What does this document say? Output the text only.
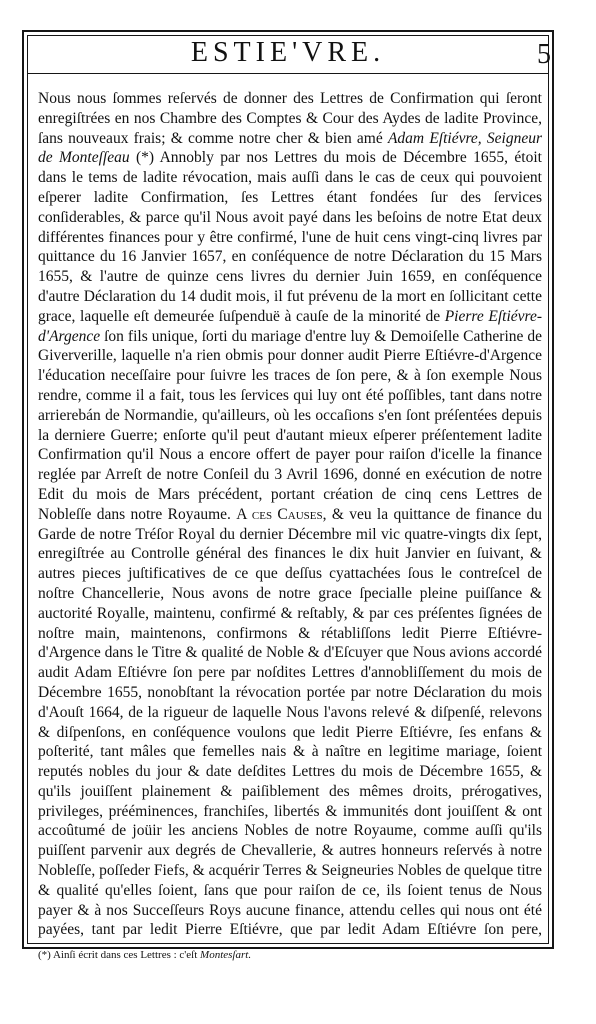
ESTIE'VRE.	5

Nous nous ſommes reſervés de donner des Lettres de Confirmation qui ſeront enregiſtrées en nos Chambre des Comptes & Cour des Aydes de ladite Province, ſans nouveaux frais; & comme notre cher & bien amé Adam Eſtiévre, Seigneur de Monteſſeau (*) Annobly par nos Lettres du mois de Décembre 1655, étoit dans le tems de ladite révocation, mais auſſi dans le cas de ceux qui pouvoient eſperer ladite Confirmation, ſes Lettres étant fondées ſur des ſervices conſiderables, & parce qu'il Nous avoit payé dans les beſoins de notre Etat deux différentes finances pour y être confirmé, l'une de huit cens vingt-cinq livres par quittance du 16 Janvier 1657, en conſéquence de notre Déclaration du 15 Mars 1655, & l'autre de quinze cens livres du dernier Juin 1659, en conſéquence d'autre Déclaration du 14 dudit mois, il fut prévenu de la mort en ſollicitant cette grace, laquelle eſt demeurée ſuſpenduë à cauſe de la minorité de Pierre Eſtiévre-d'Argence ſon fils unique, ſorti du mariage d'entre luy & Demoiſelle Catherine de Giververille, laquelle n'a rien obmis pour donner audit Pierre Eſtiévre-d'Argence l'éducation neceſſaire pour ſuivre les traces de ſon pere, & à ſon exemple Nous rendre, comme il a fait, tous les ſervices qui luy ont été poſſibles, tant dans notre arrierebán de Normandie, qu'ailleurs, où les occaſions s'en ſont préſentées depuis la derniere Guerre; enſorte qu'il peut d'autant mieux eſperer préſentement ladite Confirmation qu'il Nous a encore offert de payer pour raiſon d'icelle la finance reglée par Arreſt de notre Conſeil du 3 Avril 1696, donné en exécution de notre Edit du mois de Mars précédent, portant création de cinq cens Lettres de Nobleſſe dans notre Royaume. A ces Causes, & veu la quittance de finance du Garde de notre Tréſor Royal du dernier Décembre mil vic quatre-vingts dix ſept, enregiſtrée au Controlle général des finances le dix huit Janvier en ſuivant, & autres pieces juſtificatives de ce que deſſus cyattachées ſous le contreſcel de noſtre Chancellerie, Nous avons de notre grace ſpecialle pleine puiſſance & auctorité Royalle, maintenu, confirmé & reſtably, & par ces préſentes ſignées de noſtre main, maintenons, confirmons & rétabliſſons ledit Pierre Eſtiévre-d'Argence dans le Titre & qualité de Noble & d'Eſcuyer que Nous avions accordé audit Adam Eſtiévre ſon pere par noſdites Lettres d'annobliſſement du mois de Décembre 1655, nonobſtant la révocation portée par notre Déclaration du mois d'Aouſt 1664, de la rigueur de laquelle Nous l'avons relevé & diſpenſé, relevons & diſpenſons, en conſéquence voulons que ledit Pierre Eſtiévre, ſes enfans & poſterité, tant mâles que femelles nais & à naître en legitime mariage, ſoient reputés nobles du jour & date deſdites Lettres du mois de Décembre 1655, & qu'ils jouiſſent plainement & paiſiblement des mêmes droits, prérogatives, privileges, prééminences, franchiſes, libertés & immunités dont jouiſſent & ont accoûtumé de joüir les anciens Nobles de notre Royaume, comme auſſi qu'ils puiſſent parvenir aux degrés de Chevallerie, & autres honneurs reſervés à notre Nobleſſe, poſſeder Fiefs, & acquérir Terres & Seigneuries Nobles de quelque titre & qualité qu'elles ſoient, ſans que pour raiſon de ce, ils ſoient tenus de Nous payer & à nos Succeſſeurs Roys aucune finance, attendu celles qui nous ont été payées, tant par ledit Pierre Eſtiévre, que par ledit Adam Eſtiévre ſon pere,

(*) Ainſi écrit dans ces Lettres : c'eſt Montesſart.
